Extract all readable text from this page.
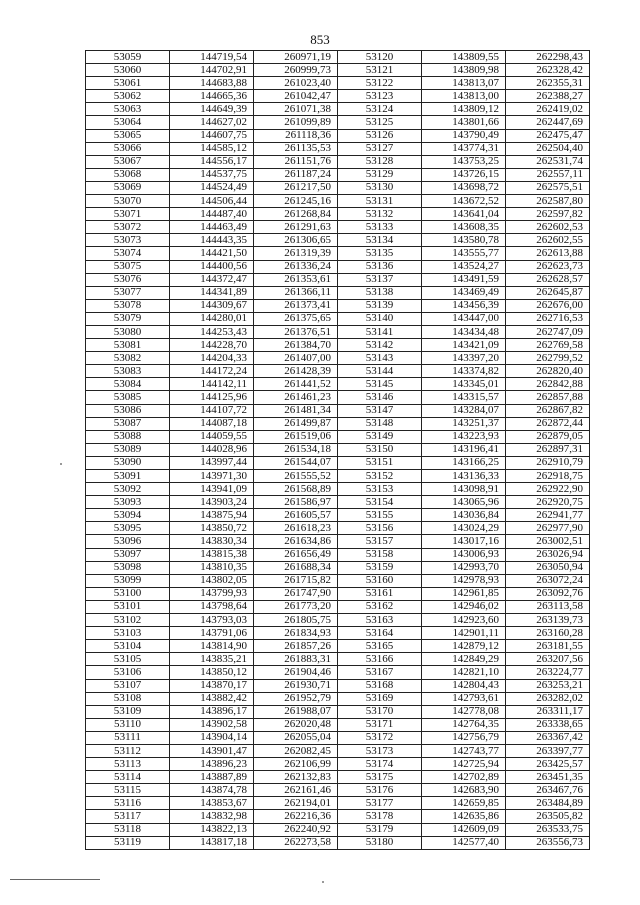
853
53059	144719,54	260971,19	53120	143809,55	262298,43
53060	144702,91	260999,73	53121	143809,98	262328,42
53061	144683,88	261023,40	53122	143813,07	262355,31
53062	144665,36	261042,47	53123	143813,00	262388,27
53063	144649,39	261071,38	53124	143809,12	262419,02
53064	144627,02	261099,89	53125	143801,66	262447,69
53065	144607,75	261118,36	53126	143790,49	262475,47
53066	144585,12	261135,53	53127	143774,31	262504,40
53067	144556,17	261151,76	53128	143753,25	262531,74
53068	144537,75	261187,24	53129	143726,15	262557,11
53069	144524,49	261217,50	53130	143698,72	262575,51
53070	144506,44	261245,16	53131	143672,52	262587,80
53071	144487,40	261268,84	53132	143641,04	262597,82
53072	144463,49	261291,63	53133	143608,35	262602,53
53073	144443,35	261306,65	53134	143580,78	262602,55
53074	144421,50	261319,39	53135	143555,77	262613,88
53075	144400,56	261336,24	53136	143524,27	262623,73
53076	144372,47	261353,61	53137	143491,59	262628,57
53077	144341,89	261366,11	53138	143469,49	262645,87
53078	144309,67	261373,41	53139	143456,39	262676,00
53079	144280,01	261375,65	53140	143447,00	262716,53
53080	144253,43	261376,51	53141	143434,48	262747,09
53081	144228,70	261384,70	53142	143421,09	262769,58
53082	144204,33	261407,00	53143	143397,20	262799,52
53083	144172,24	261428,39	53144	143374,82	262820,40
53084	144142,11	261441,52	53145	143345,01	262842,88
53085	144125,96	261461,23	53146	143315,57	262857,88
53086	144107,72	261481,34	53147	143284,07	262867,82
53087	144087,18	261499,87	53148	143251,37	262872,44
53088	144059,55	261519,06	53149	143223,93	262879,05
53089	144028,96	261534,18	53150	143196,41	262897,31
53090	143997,44	261544,07	53151	143166,25	262910,79
53091	143971,30	261555,52	53152	143136,33	262918,75
53092	143941,09	261568,89	53153	143098,91	262922,90
53093	143903,24	261586,97	53154	143065,96	262920,75
53094	143875,94	261605,57	53155	143036,84	262941,77
53095	143850,72	261618,23	53156	143024,29	262977,90
53096	143830,34	261634,86	53157	143017,16	263002,51
53097	143815,38	261656,49	53158	143006,93	263026,94
53098	143810,35	261688,34	53159	142993,70	263050,94
53099	143802,05	261715,82	53160	142978,93	263072,24
53100	143799,93	261747,90	53161	142961,85	263092,76
53101	143798,64	261773,20	53162	142946,02	263113,58
53102	143793,03	261805,75	53163	142923,60	263139,73
53103	143791,06	261834,93	53164	142901,11	263160,28
53104	143814,90	261857,26	53165	142879,12	263181,55
53105	143835,21	261883,31	53166	142849,29	263207,56
53106	143850,12	261904,46	53167	142821,10	263224,77
53107	143870,17	261930,71	53168	142804,43	263253,21
53108	143882,42	261952,79	53169	142793,61	263282,02
53109	143896,17	261988,07	53170	142778,08	263311,17
53110	143902,58	262020,48	53171	142764,35	263338,65
53111	143904,14	262055,04	53172	142756,79	263367,42
53112	143901,47	262082,45	53173	142743,77	263397,77
53113	143896,23	262106,99	53174	142725,94	263425,57
53114	143887,89	262132,83	53175	142702,89	263451,35
53115	143874,78	262161,46	53176	142683,90	263467,76
53116	143853,67	262194,01	53177	142659,85	263484,89
53117	143832,98	262216,36	53178	142635,86	263505,82
53118	143822,13	262240,92	53179	142609,09	263533,75
53119	143817,18	262273,58	53180	142577,40	263556,73
